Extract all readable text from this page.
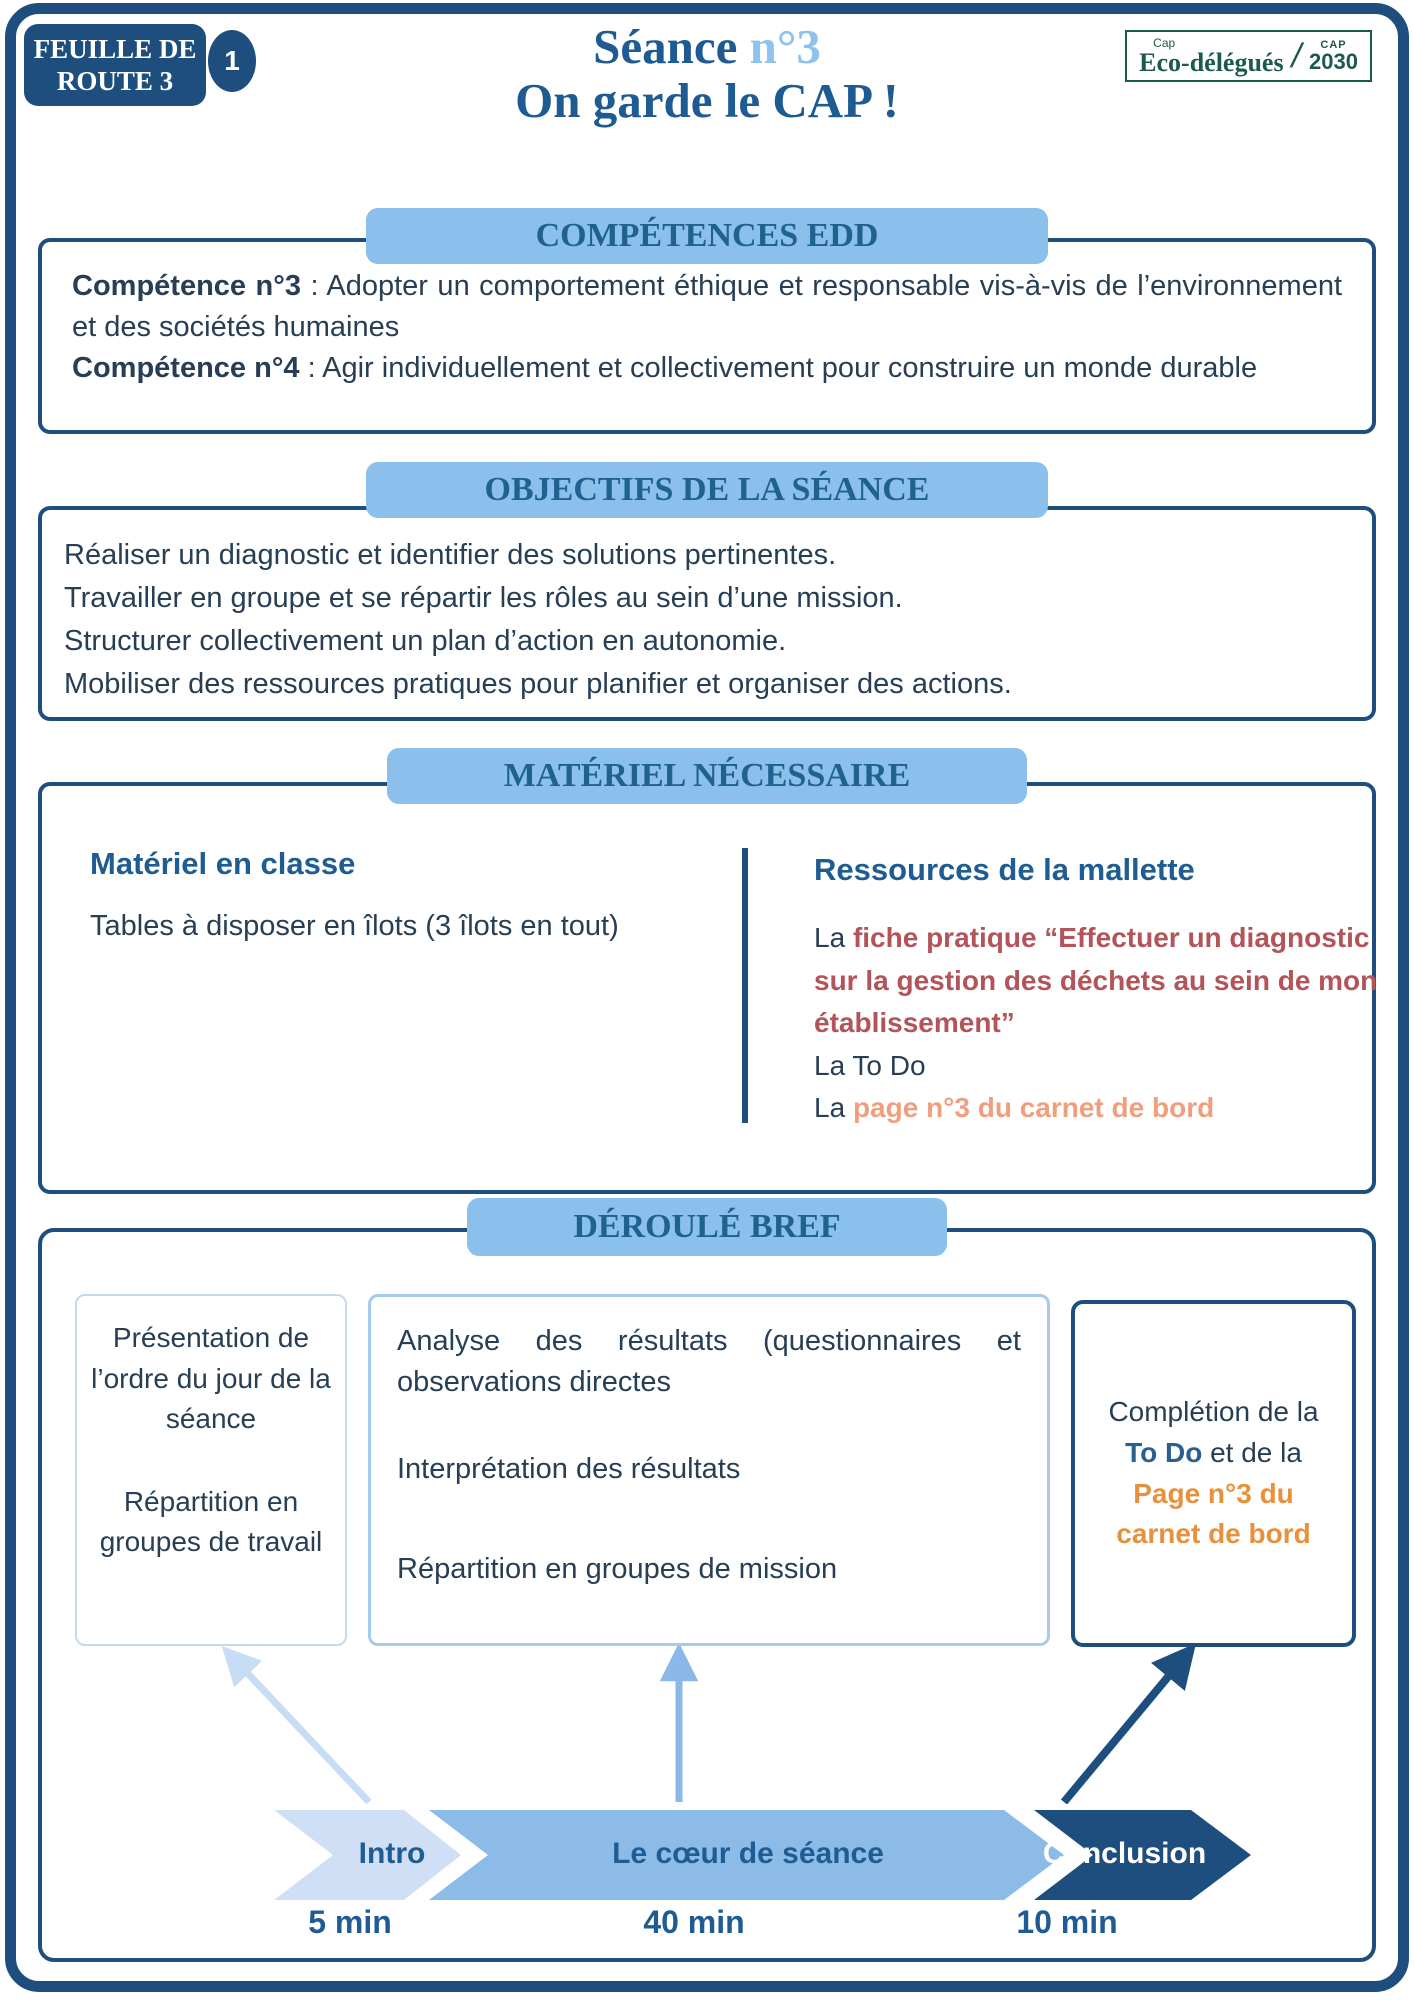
FEUILLE DE
ROUTE 3
1	Séance n°3
On garde le CAP !
Cap
Eco-délégués / CAP
2030
COMPÉTENCES EDD
Compétence n°3 : Adopter un comportement éthique et responsable vis-à-vis de l’environnement et des sociétés humaines
Compétence n°4 : Agir individuellement et collectivement pour construire un monde durable
OBJECTIFS DE LA SÉANCE
Réaliser un diagnostic et identifier des solutions pertinentes.
Travailler en groupe et se répartir les rôles au sein d’une mission.
Structurer collectivement un plan d’action en autonomie.
Mobiliser des ressources pratiques pour planifier et organiser des actions.
MATÉRIEL NÉCESSAIRE
Matériel en classe
Tables à disposer en îlots (3 îlots en tout)
Ressources de la mallette
La fiche pratique “Effectuer un diagnostic sur la gestion des déchets au sein de mon établissement”
La To Do
La page n°3 du carnet de bord
DÉROULÉ BREF
Présentation de l’ordre du jour de la séance
Répartition en groupes de travail
Analyse des résultats (questionnaires et observations directes
Interprétation des résultats
Répartition en groupes de mission
Complétion de la To Do et de la
Page n°3 du carnet de bord
Intro	Le cœur de séance	Conclusion
5 min	40 min	10 min
